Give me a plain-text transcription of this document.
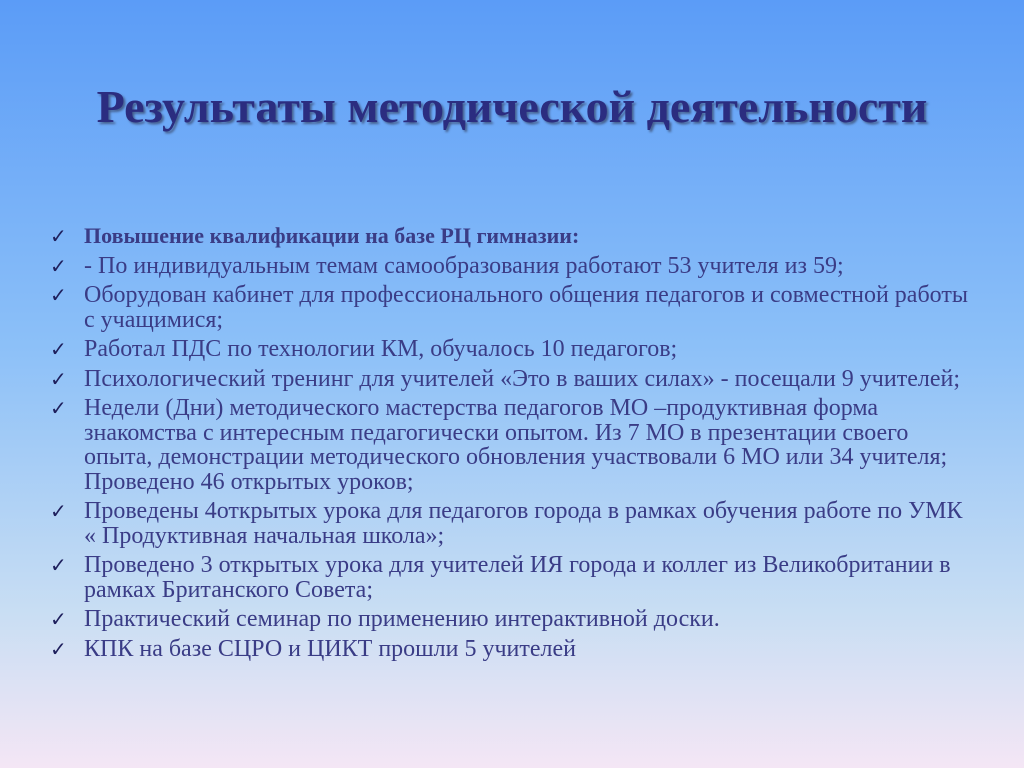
Результаты методической деятельности
✓ Повышение квалификации на базе РЦ гимназии:
✓ - По индивидуальным темам самообразования работают 53 учителя из 59;
✓ Оборудован кабинет для профессионального общения педагогов и совместной работы с учащимися;
✓ Работал ПДС по технологии КМ, обучалось 10 педагогов;
✓ Психологический тренинг для учителей «Это в ваших силах» - посещали 9 учителей;
✓ Недели (Дни) методического мастерства педагогов МО –продуктивная форма знакомства с интересным педагогически опытом. Из 7 МО в презентации своего опыта, демонстрации методического обновления участвовали 6 МО или 34 учителя; Проведено 46 открытых уроков;
✓ Проведены 4открытых урока для педагогов города в рамках обучения работе по УМК « Продуктивная начальная школа»;
✓ Проведено 3 открытых урока для учителей ИЯ города и коллег из Великобритании в рамках Британского Совета;
✓ Практический семинар по применению интерактивной доски.
✓ КПК на базе СЦРО и ЦИКТ прошли 5 учителей
